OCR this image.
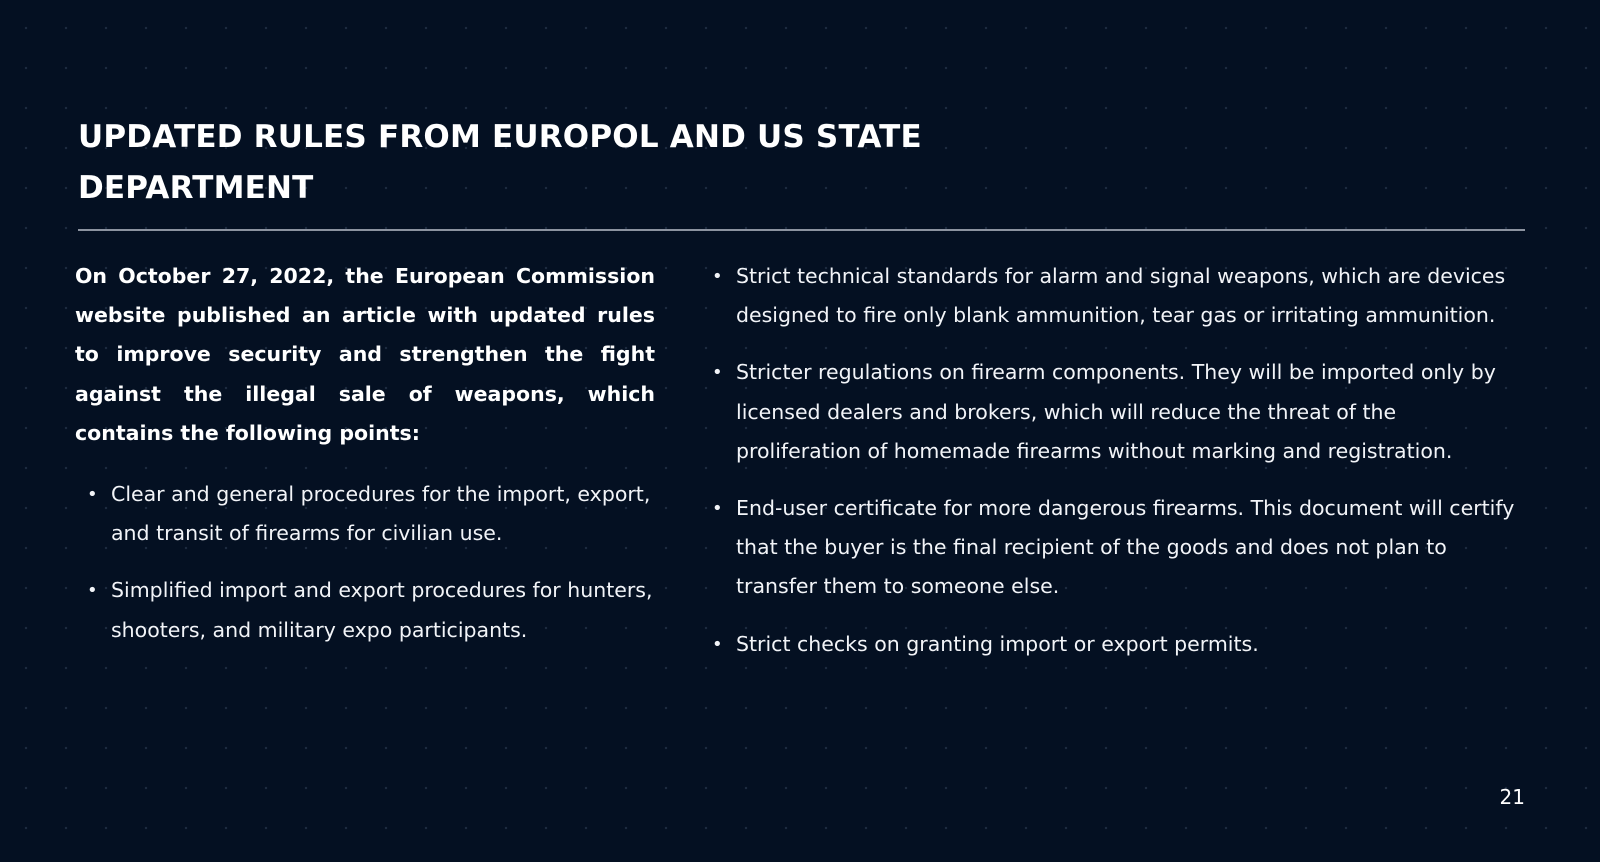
UPDATED RULES FROM EUROPOL AND US STATE DEPARTMENT

On October 27, 2022, the European Commission website published an article with updated rules to improve security and strengthen the fight against the illegal sale of weapons, which contains the following points:

• Clear and general procedures for the import, export, and transit of firearms for civilian use.
• Simplified import and export procedures for hunters, shooters, and military expo participants.
• Strict technical standards for alarm and signal weapons, which are devices designed to fire only blank ammunition, tear gas or irritating ammunition.
• Stricter regulations on firearm components. They will be imported only by licensed dealers and brokers, which will reduce the threat of the proliferation of homemade firearms without marking and registration.
• End-user certificate for more dangerous firearms. This document will certify that the buyer is the final recipient of the goods and does not plan to transfer them to someone else.
• Strict checks on granting import or export permits.
21
